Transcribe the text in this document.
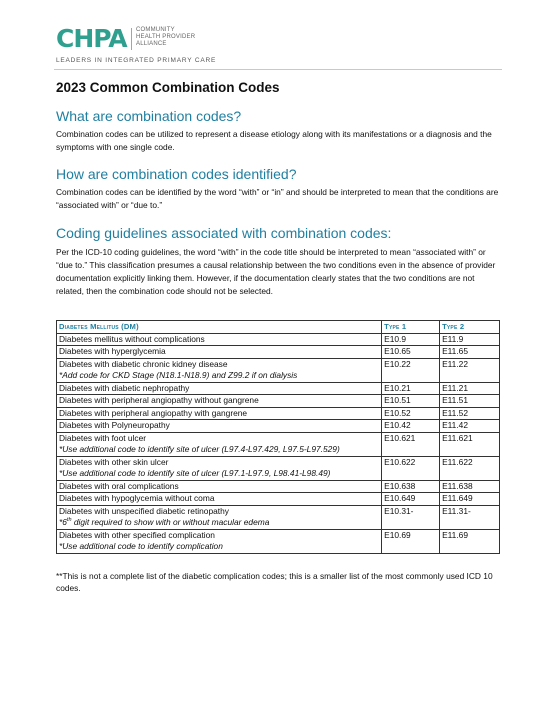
CHPA COMMUNITY
HEALTH PROVIDER
ALLIANCE
LEADERS IN INTEGRATED PRIMARY CARE
2023 Common Combination Codes
What are combination codes?

Combination codes can be utilized to represent a disease etiology along with its manifestations or a diagnosis and the symptoms with one single code.

How are combination codes identified?

Combination codes can be identified by the word “with” or “in” and should be interpreted to mean that the conditions are “associated with” or “due to.”

Coding guidelines associated with combination codes:

Per the ICD-10 coding guidelines, the word “with” in the code title should be interpreted to mean “associated with” or “due to.” This classification presumes a causal relationship between the two conditions even in the absence of provider documentation explicitly linking them. However, if the documentation clearly states that the two conditions are not related, then the combination code should not be selected.

Diabetes Mellitus (DM)	Type 1	Type 2
Diabetes mellitus without complications	E10.9	E11.9
Diabetes with hyperglycemia	E10.65	E11.65

Diabetes with diabetic chronic kidney disease
*Add code for CKD Stage (N18.1-N18.9) and Z99.2 if on dialysis	E10.22	E11.22
Diabetes with diabetic nephropathy	E10.21	E11.21
Diabetes with peripheral angiopathy without gangrene	E10.51	E11.51
Diabetes with peripheral angiopathy with gangrene	E10.52	E11.52
Diabetes with Polyneuropathy	E10.42	E11.42

Diabetes with foot ulcer
*Use additional code to identify site of ulcer (L97.4-L97.429, L97.5-L97.529)	E10.621	E11.621

Diabetes with other skin ulcer
*Use additional code to identify site of ulcer (L97.1-L97.9, L98.41-L98.49)	E10.622	E11.622
Diabetes with oral complications	E10.638	E11.638
Diabetes with hypoglycemia without coma	E10.649	E11.649

Diabetes with unspecified diabetic retinopathy
*6th digit required to show with or without macular edema	E10.31-	E11.31-

Diabetes with other specified complication
*Use additional code to identify complication	E10.69	E11.69

**This is not a complete list of the diabetic complication codes; this is a smaller list of the most commonly used ICD 10 codes.
